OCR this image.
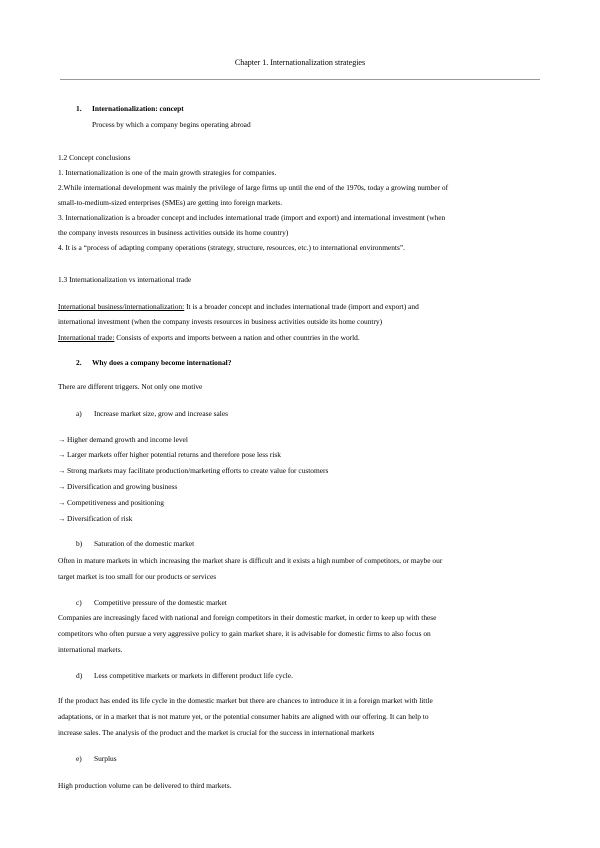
Chapter 1. Internationalization strategies
1. Internationalization: concept
Process by which a company begins operating abroad
1.2 Concept conclusions
1. Internationalization is one of the main growth strategies for companies.
2.While international development was mainly the privilege of large firms up until the end of the 1970s, today a growing number of
small-to-medium-sized enterprises (SMEs) are getting into foreign markets.
3. Internationalization is a broader concept and includes international trade (import and export) and international investment (when
the company invests resources in business activities outside its home country)
4. It is a “process of adapting company operations (strategy, structure, resources, etc.) to international environments”.
1.3 Internationalization vs international trade
International business/internationalization: It is a broader concept and includes international trade (import and export) and
international investment (when the company invests resources in business activities outside its home country)
International trade: Consists of exports and imports between a nation and other countries in the world.
2. Why does a company become international?
There are different triggers. Not only one motive
a) Increase market size, grow and increase sales
→ Higher demand growth and income level
→ Larger markets offer higher potential returns and therefore pose less risk
→ Strong markets may facilitate production/marketing efforts to create value for customers
→ Diversification and growing business
→ Competitiveness and positioning
→ Diversification of risk
b) Saturation of the domestic market
Often in mature markets in which increasing the market share is difficult and it exists a high number of competitors, or maybe our
target market is too small for our products or services
c) Competitive pressure of the domestic market
Companies are increasingly faced with national and foreign competitors in their domestic market, in order to keep up with these
competitors who often pursue a very aggressive policy to gain market share, it is advisable for domestic firms to also focus on
international markets.
d) Less competitive markets or markets in different product life cycle.
If the product has ended its life cycle in the domestic market but there are chances to introduce it in a foreign market with little
adaptations, or in a market that is not mature yet, or the potential consumer habits are aligned with our offering. It can help to
increase sales. The analysis of the product and the market is crucial for the success in international markets
e) Surplus
High production volume can be delivered to third markets.
